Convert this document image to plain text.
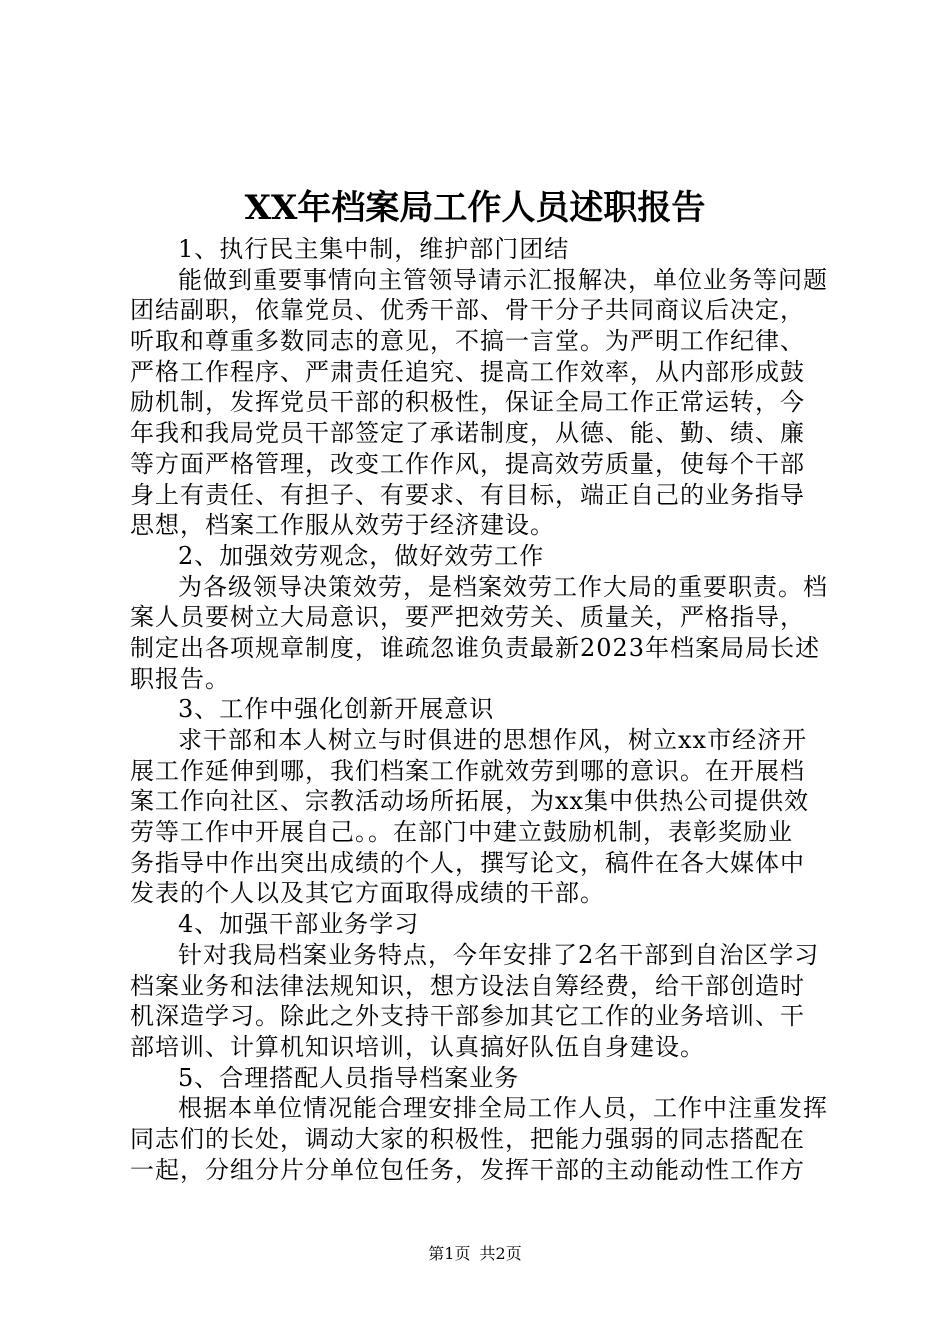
XX年档案局工作人员述职报告
1、执行民主集中制，维护部门团结
能做到重要事情向主管领导请示汇报解决，单位业务等问题
团结副职，依靠党员、优秀干部、骨干分子共同商议后决定，
听取和尊重多数同志的意见，不搞一言堂。为严明工作纪律、
严格工作程序、严肃责任追究、提高工作效率，从内部形成鼓
励机制，发挥党员干部的积极性，保证全局工作正常运转，今
年我和我局党员干部签定了承诺制度，从德、能、勤、绩、廉
等方面严格管理，改变工作作风，提高效劳质量，使每个干部
身上有责任、有担子、有要求、有目标，端正自己的业务指导
思想，档案工作服从效劳于经济建设。
2、加强效劳观念，做好效劳工作
为各级领导决策效劳，是档案效劳工作大局的重要职责。档
案人员要树立大局意识，要严把效劳关、质量关，严格指导，
制定出各项规章制度，谁疏忽谁负责最新2023年档案局局长述
职报告。
3、工作中强化创新开展意识
求干部和本人树立与时俱进的思想作风，树立xx市经济开
展工作延伸到哪，我们档案工作就效劳到哪的意识。在开展档
案工作向社区、宗教活动场所拓展，为xx集中供热公司提供效
劳等工作中开展自己。。在部门中建立鼓励机制，表彰奖励业
务指导中作出突出成绩的个人，撰写论文，稿件在各大媒体中
发表的个人以及其它方面取得成绩的干部。
4、加强干部业务学习
针对我局档案业务特点，今年安排了2名干部到自治区学习
档案业务和法律法规知识，想方设法自筹经费，给干部创造时
机深造学习。除此之外支持干部参加其它工作的业务培训、干
部培训、计算机知识培训，认真搞好队伍自身建设。
5、合理搭配人员指导档案业务
根据本单位情况能合理安排全局工作人员，工作中注重发挥
同志们的长处，调动大家的积极性，把能力强弱的同志搭配在
一起，分组分片分单位包任务，发挥干部的主动能动性工作方
第1页 共2页
